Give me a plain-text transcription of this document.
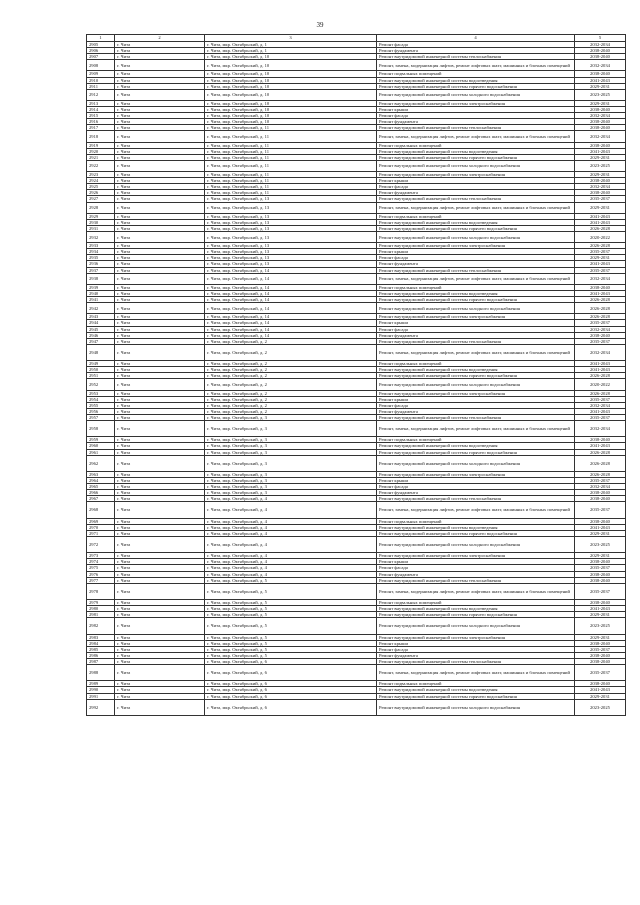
39
1	2	3	4	5
2905	г. Чита	г. Чита, мкр. Октябрьский, д. 1	Ремонт фасада	2032-2034
2906	г. Чита	г. Чита, мкр. Октябрьский, д. 1	Ремонт фундамента	2038-2040
2907	г. Чита	г. Чита, мкр. Октябрьский, д. 10	Ремонт внутридомовой инженерной системы теплоснабжения	2038-2040
2908	г. Чита	г. Чита, мкр. Октябрьский, д. 10	Ремонт, замена, модернизация лифтов, ремонт лифтовых шахт, машинных и блочных помещений	2032-2034
2909	г. Чита	г. Чита, мкр. Октябрьский, д. 10	Ремонт подвальных помещений	2038-2040
2910	г. Чита	г. Чита, мкр. Октябрьский, д. 10	Ремонт внутридомовой инженерной системы водоотведения	2041-2043
2911	г. Чита	г. Чита, мкр. Октябрьский, д. 10	Ремонт внутридомовой инженерной системы горячего водоснабжения	2029-2031
2912	г. Чита	г. Чита, мкр. Октябрьский, д. 10	Ремонт внутридомовой инженерной системы холодного водоснабжения	2023-2025
2913	г. Чита	г. Чита, мкр. Октябрьский, д. 10	Ремонт внутридомовой инженерной системы электроснабжения	2029-2031
2914	г. Чита	г. Чита, мкр. Октябрьский, д. 10	Ремонт крыши	2038-2040
2915	г. Чита	г. Чита, мкр. Октябрьский, д. 10	Ремонт фасада	2032-2034
2916	г. Чита	г. Чита, мкр. Октябрьский, д. 10	Ремонт фундамента	2038-2040
2917	г. Чита	г. Чита, мкр. Октябрьский, д. 11	Ремонт внутридомовой инженерной системы теплоснабжения	2038-2040
2918	г. Чита	г. Чита, мкр. Октябрьский, д. 11	Ремонт, замена, модернизация лифтов, ремонт лифтовых шахт, машинных и блочных помещений	2032-2034
2919	г. Чита	г. Чита, мкр. Октябрьский, д. 11	Ремонт подвальных помещений	2038-2040
2920	г. Чита	г. Чита, мкр. Октябрьский, д. 11	Ремонт внутридомовой инженерной системы водоотведения	2041-2043
2921	г. Чита	г. Чита, мкр. Октябрьский, д. 11	Ремонт внутридомовой инженерной системы горячего водоснабжения	2029-2031
2922	г. Чита	г. Чита, мкр. Октябрьский, д. 11	Ремонт внутридомовой инженерной системы холодного водоснабжения	2023-2025
2923	г. Чита	г. Чита, мкр. Октябрьский, д. 11	Ремонт внутридомовой инженерной системы электроснабжения	2029-2031
2924	г. Чита	г. Чита, мкр. Октябрьский, д. 11	Ремонт крыши	2038-2040
2925	г. Чита	г. Чита, мкр. Октябрьский, д. 11	Ремонт фасада	2032-2034
2926	г. Чита	г. Чита, мкр. Октябрьский, д. 11	Ремонт фундамента	2038-2040
2927	г. Чита	г. Чита, мкр. Октябрьский, д. 13	Ремонт внутридомовой инженерной системы теплоснабжения	2035-2037
2928	г. Чита	г. Чита, мкр. Октябрьский, д. 13	Ремонт, замена, модернизация лифтов, ремонт лифтовых шахт, машинных и блочных помещений	2029-2031
2929	г. Чита	г. Чита, мкр. Октябрьский, д. 13	Ремонт подвальных помещений	2041-2043
2930	г. Чита	г. Чита, мкр. Октябрьский, д. 13	Ремонт внутридомовой инженерной системы водоотведения	2041-2043
2931	г. Чита	г. Чита, мкр. Октябрьский, д. 13	Ремонт внутридомовой инженерной системы горячего водоснабжения	2026-2028
2932	г. Чита	г. Чита, мкр. Октябрьский, д. 13	Ремонт внутридомовой инженерной системы холодного водоснабжения	2020-2022
2933	г. Чита	г. Чита, мкр. Октябрьский, д. 13	Ремонт внутридомовой инженерной системы электроснабжения	2026-2028
2934	г. Чита	г. Чита, мкр. Октябрьский, д. 13	Ремонт крыши	2035-2037
2935	г. Чита	г. Чита, мкр. Октябрьский, д. 13	Ремонт фасада	2029-2031
2936	г. Чита	г. Чита, мкр. Октябрьский, д. 13	Ремонт фундамента	2041-2043
2937	г. Чита	г. Чита, мкр. Октябрьский, д. 14	Ремонт внутридомовой инженерной системы теплоснабжения	2035-2037
2938	г. Чита	г. Чита, мкр. Октябрьский, д. 14	Ремонт, замена, модернизация лифтов, ремонт лифтовых шахт, машинных и блочных помещений	2032-2034
2939	г. Чита	г. Чита, мкр. Октябрьский, д. 14	Ремонт подвальных помещений	2038-2040
2940	г. Чита	г. Чита, мкр. Октябрьский, д. 14	Ремонт внутридомовой инженерной системы водоотведения	2041-2043
2941	г. Чита	г. Чита, мкр. Октябрьский, д. 14	Ремонт внутридомовой инженерной системы горячего водоснабжения	2026-2028
2942	г. Чита	г. Чита, мкр. Октябрьский, д. 14	Ремонт внутридомовой инженерной системы холодного водоснабжения	2026-2028
2943	г. Чита	г. Чита, мкр. Октябрьский, д. 14	Ремонт внутридомовой инженерной системы электроснабжения	2026-2028
2944	г. Чита	г. Чита, мкр. Октябрьский, д. 14	Ремонт крыши	2035-2037
2945	г. Чита	г. Чита, мкр. Октябрьский, д. 14	Ремонт фасада	2032-2034
2946	г. Чита	г. Чита, мкр. Октябрьский, д. 14	Ремонт фундамента	2038-2040
2947	г. Чита	г. Чита, мкр. Октябрьский, д. 2	Ремонт внутридомовой инженерной системы теплоснабжения	2035-2037
2948	г. Чита	г. Чита, мкр. Октябрьский, д. 2	Ремонт, замена, модернизация лифтов, ремонт лифтовых шахт, машинных и блочных помещений	2032-2034
2949	г. Чита	г. Чита, мкр. Октябрьский, д. 2	Ремонт подвальных помещений	2041-2043
2950	г. Чита	г. Чита, мкр. Октябрьский, д. 2	Ремонт внутридомовой инженерной системы водоотведения	2041-2043
2951	г. Чита	г. Чита, мкр. Октябрьский, д. 2	Ремонт внутридомовой инженерной системы горячего водоснабжения	2026-2028
2952	г. Чита	г. Чита, мкр. Октябрьский, д. 2	Ремонт внутридомовой инженерной системы холодного водоснабжения	2020-2022
2953	г. Чита	г. Чита, мкр. Октябрьский, д. 2	Ремонт внутридомовой инженерной системы электроснабжения	2026-2028
2954	г. Чита	г. Чита, мкр. Октябрьский, д. 2	Ремонт крыши	2035-2037
2955	г. Чита	г. Чита, мкр. Октябрьский, д. 2	Ремонт фасада	2032-2034
2956	г. Чита	г. Чита, мкр. Октябрьский, д. 2	Ремонт фундамента	2041-2043
2957	г. Чита	г. Чита, мкр. Октябрьский, д. 3	Ремонт внутридомовой инженерной системы теплоснабжения	2035-2037
2958	г. Чита	г. Чита, мкр. Октябрьский, д. 3	Ремонт, замена, модернизация лифтов, ремонт лифтовых шахт, машинных и блочных помещений	2032-2034
2959	г. Чита	г. Чита, мкр. Октябрьский, д. 3	Ремонт подвальных помещений	2038-2040
2960	г. Чита	г. Чита, мкр. Октябрьский, д. 3	Ремонт внутридомовой инженерной системы водоотведения	2041-2043
2961	г. Чита	г. Чита, мкр. Октябрьский, д. 3	Ремонт внутридомовой инженерной системы горячего водоснабжения	2026-2028
2962	г. Чита	г. Чита, мкр. Октябрьский, д. 3	Ремонт внутридомовой инженерной системы холодного водоснабжения	2026-2028
2963	г. Чита	г. Чита, мкр. Октябрьский, д. 3	Ремонт внутридомовой инженерной системы электроснабжения	2026-2028
2964	г. Чита	г. Чита, мкр. Октябрьский, д. 3	Ремонт крыши	2035-2037
2965	г. Чита	г. Чита, мкр. Октябрьский, д. 3	Ремонт фасада	2032-2034
2966	г. Чита	г. Чита, мкр. Октябрьский, д. 3	Ремонт фундамента	2038-2040
2967	г. Чита	г. Чита, мкр. Октябрьский, д. 4	Ремонт внутридомовой инженерной системы теплоснабжения	2038-2040
2968	г. Чита	г. Чита, мкр. Октябрьский, д. 4	Ремонт, замена, модернизация лифтов, ремонт лифтовых шахт, машинных и блочных помещений	2035-2037
2969	г. Чита	г. Чита, мкр. Октябрьский, д. 4	Ремонт подвальных помещений	2038-2040
2970	г. Чита	г. Чита, мкр. Октябрьский, д. 4	Ремонт внутридомовой инженерной системы водоотведения	2041-2043
2971	г. Чита	г. Чита, мкр. Октябрьский, д. 4	Ремонт внутридомовой инженерной системы горячего водоснабжения	2029-2031
2972	г. Чита	г. Чита, мкр. Октябрьский, д. 4	Ремонт внутридомовой инженерной системы холодного водоснабжения	2023-2025
2973	г. Чита	г. Чита, мкр. Октябрьский, д. 4	Ремонт внутридомовой инженерной системы электроснабжения	2029-2031
2974	г. Чита	г. Чита, мкр. Октябрьский, д. 4	Ремонт крыши	2038-2040
2975	г. Чита	г. Чита, мкр. Октябрьский, д. 4	Ремонт фасада	2035-2037
2976	г. Чита	г. Чита, мкр. Октябрьский, д. 4	Ремонт фундамента	2038-2040
2977	г. Чита	г. Чита, мкр. Октябрьский, д. 5	Ремонт внутридомовой инженерной системы теплоснабжения	2038-2040
2978	г. Чита	г. Чита, мкр. Октябрьский, д. 5	Ремонт, замена, модернизация лифтов, ремонт лифтовых шахт, машинных и блочных помещений	2035-2037
2979	г. Чита	г. Чита, мкр. Октябрьский, д. 5	Ремонт подвальных помещений	2038-2040
2980	г. Чита	г. Чита, мкр. Октябрьский, д. 5	Ремонт внутридомовой инженерной системы водоотведения	2041-2043
2981	г. Чита	г. Чита, мкр. Октябрьский, д. 5	Ремонт внутридомовой инженерной системы горячего водоснабжения	2029-2031
2982	г. Чита	г. Чита, мкр. Октябрьский, д. 5	Ремонт внутридомовой инженерной системы холодного водоснабжения	2023-2025
2983	г. Чита	г. Чита, мкр. Октябрьский, д. 5	Ремонт внутридомовой инженерной системы электроснабжения	2029-2031
2984	г. Чита	г. Чита, мкр. Октябрьский, д. 5	Ремонт крыши	2038-2040
2985	г. Чита	г. Чита, мкр. Октябрьский, д. 5	Ремонт фасада	2035-2037
2986	г. Чита	г. Чита, мкр. Октябрьский, д. 5	Ремонт фундамента	2038-2040
2987	г. Чита	г. Чита, мкр. Октябрьский, д. 6	Ремонт внутридомовой инженерной системы теплоснабжения	2038-2040
2988	г. Чита	г. Чита, мкр. Октябрьский, д. 6	Ремонт, замена, модернизация лифтов, ремонт лифтовых шахт, машинных и блочных помещений	2035-2037
2989	г. Чита	г. Чита, мкр. Октябрьский, д. 6	Ремонт подвальных помещений	2038-2040
2990	г. Чита	г. Чита, мкр. Октябрьский, д. 6	Ремонт внутридомовой инженерной системы водоотведения	2041-2043
2991	г. Чита	г. Чита, мкр. Октябрьский, д. 6	Ремонт внутридомовой инженерной системы горячего водоснабжения	2029-2031
2992	г. Чита	г. Чита, мкр. Октябрьский, д. 6	Ремонт внутридомовой инженерной системы холодного водоснабжения	2023-2025
